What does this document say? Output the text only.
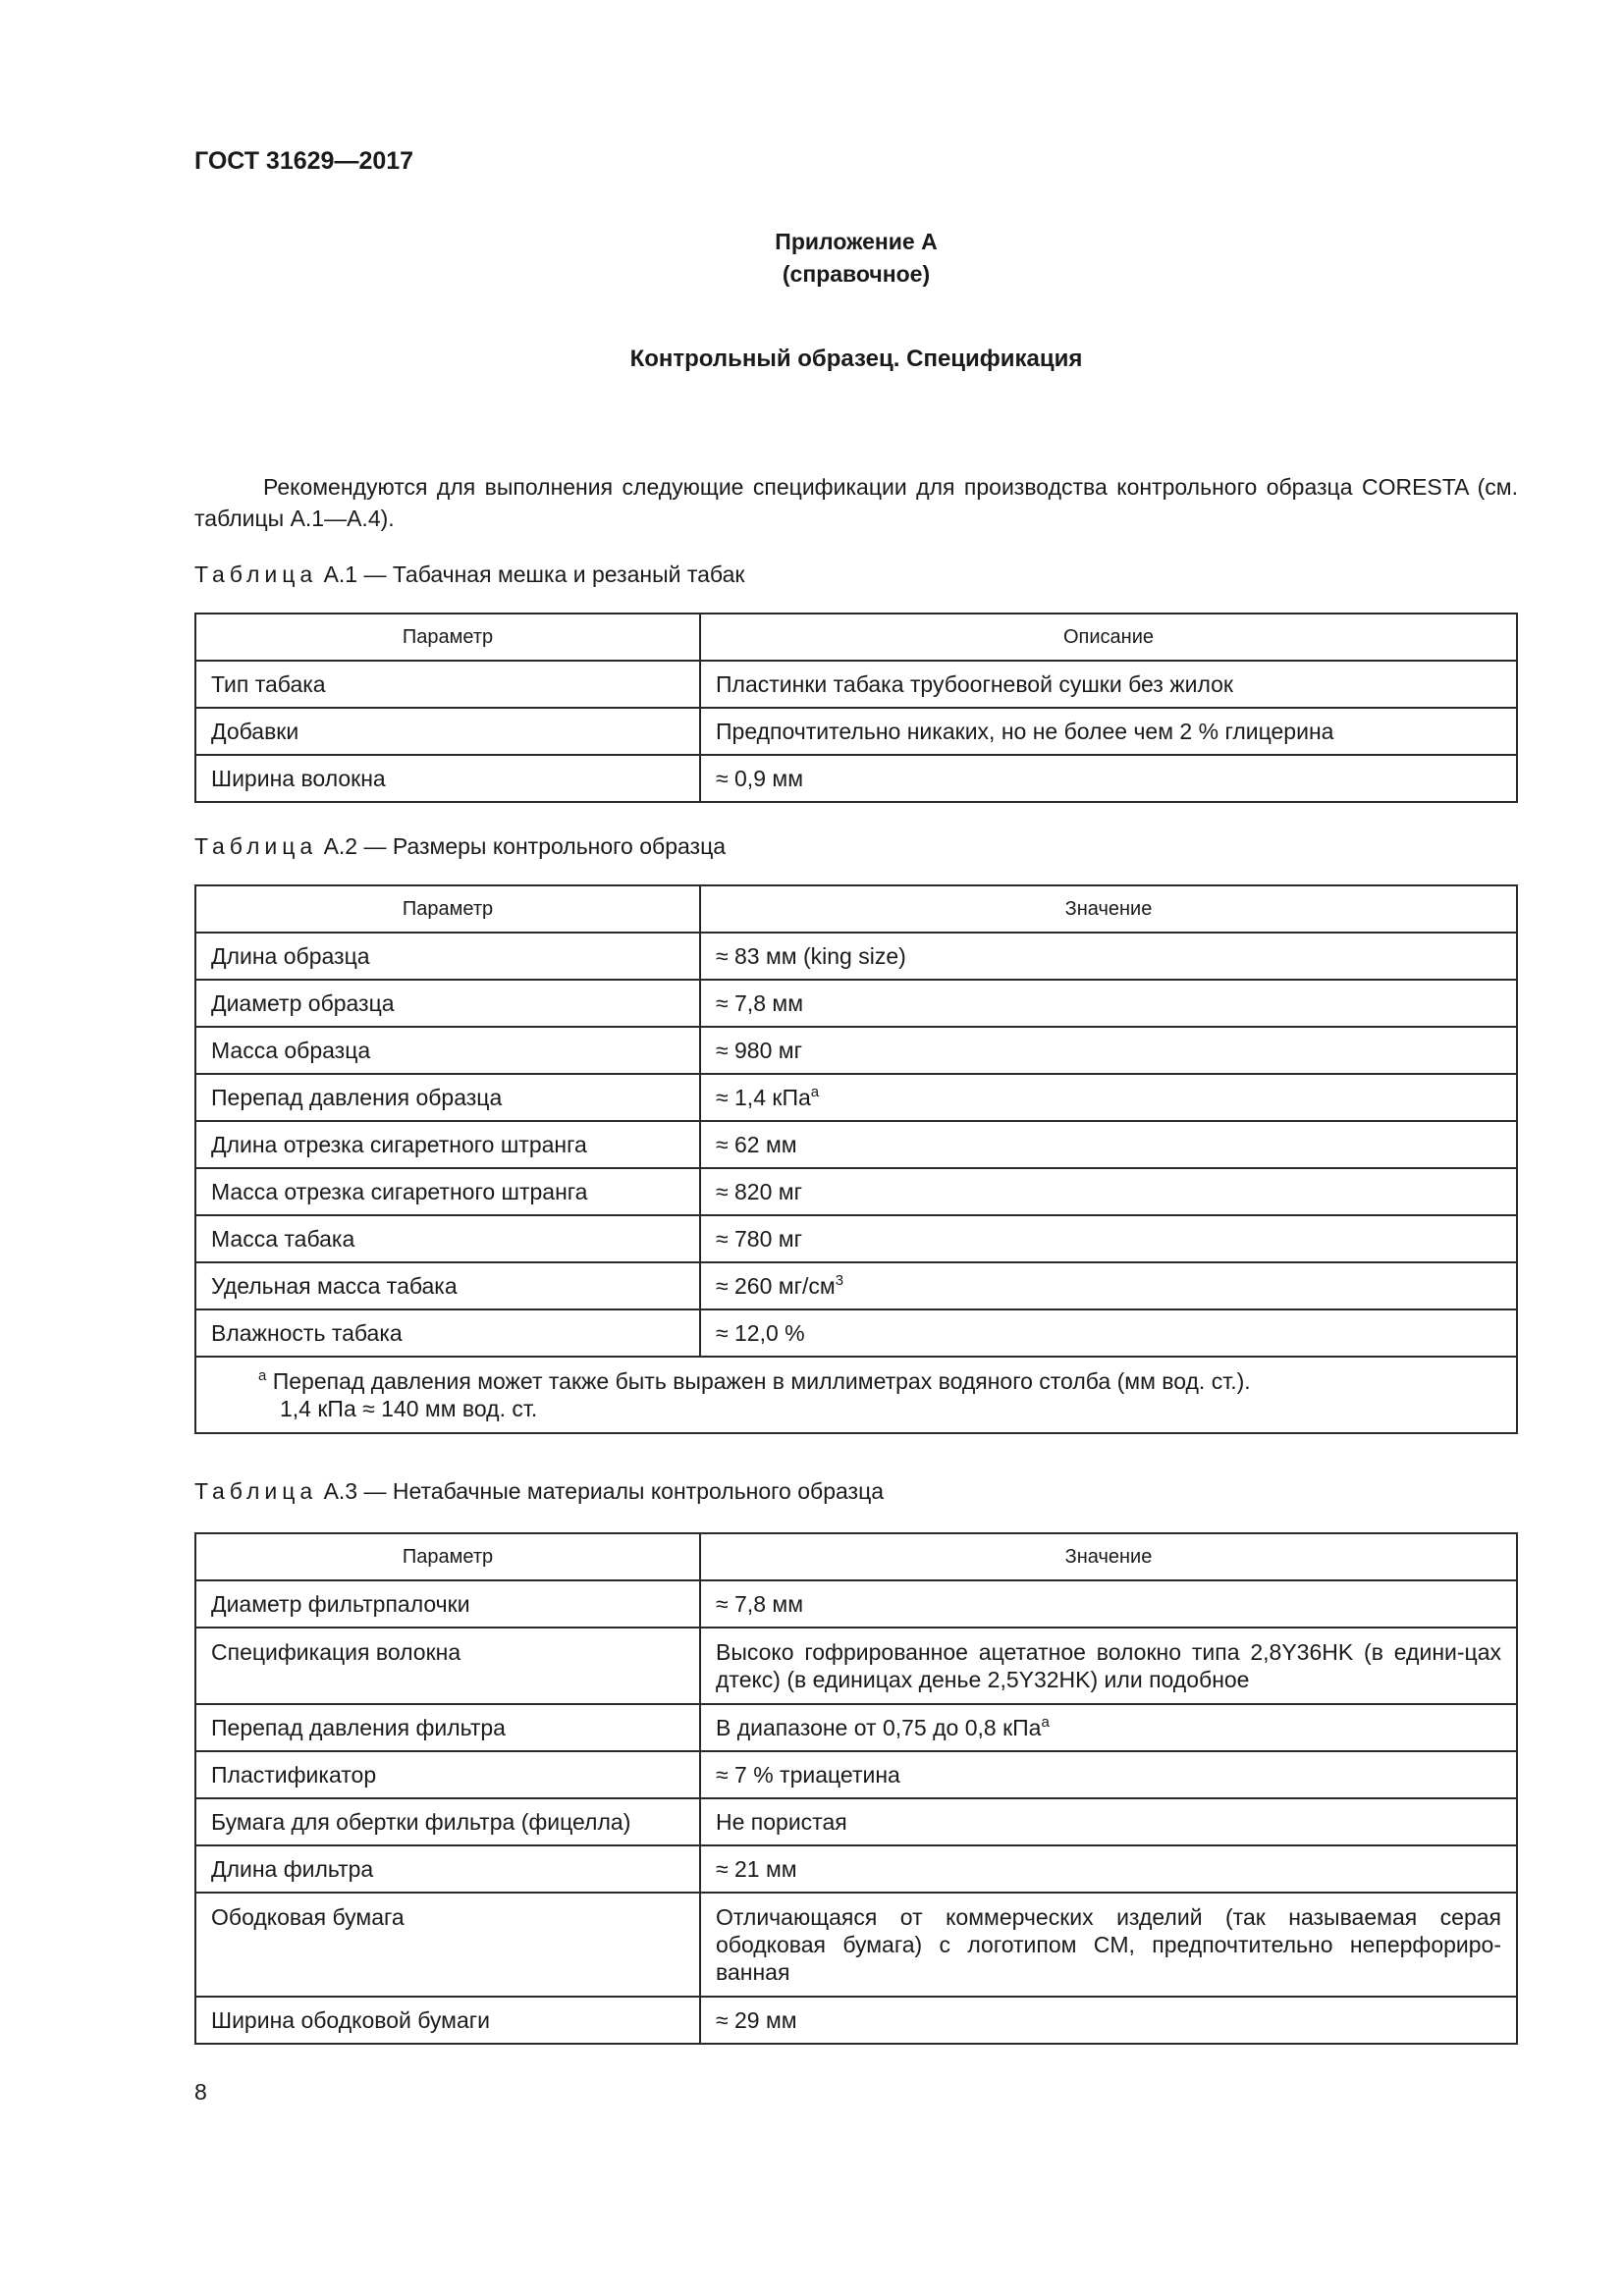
ГОСТ 31629—2017
Приложение А
(справочное)
Контрольный образец. Спецификация

Рекомендуются для выполнения следующие спецификации для производства контрольного образца CORESTA (см. таблицы А.1—А.4).

Таблица А.1 — Табачная мешка и резаный табак
Параметр	Описание
Тип табака	Пластинки табака трубоогневой сушки без жилок
Добавки	Предпочтительно никаких, но не более чем 2 % глицерина
Ширина волокна	≈ 0,9 мм
Таблица А.2 — Размеры контрольного образца
Параметр	Значение
Длина образца	≈ 83 мм (king size)
Диаметр образца	≈ 7,8 мм
Масса образца	≈ 980 мг
Перепад давления образца	≈ 1,4 кПа$^a$
Длина отрезка сигаретного штранга	≈ 62 мм
Масса отрезка сигаретного штранга	≈ 820 мг
Масса табака	≈ 780 мг
Удельная масса табака	≈ 260 $мг/см^3$
Влажность табака	≈ 12,0 %

$^a$ Перепад давления может также быть выражен в миллиметрах водяного столба (мм вод. ст.).
1,4 кПа ≈ 140 мм вод. ст.	
Таблица А.3 — Нетабачные материалы контрольного образца
Параметр	Значение
Диаметр фильтрпалочки	≈ 7,8 мм
Спецификация волокна	Высоко гофрированное ацетатное волокно типа 2,8Y36HK (в едини-цах дтекс) (в единицах денье 2,5Y32HK) или подобное
Перепад давления фильтра	В диапазоне от 0,75 до 0,8 кПа$^a$
Пластификатор	≈ 7 % триацетина
Бумага для обертки фильтра (фицелла)	Не пористая
Длина фильтра	≈ 21 мм
Ободковая бумага	Отличающаяся от коммерческих изделий (так называемая серая ободковая бумага) с логотипом CM, предпочтительно неперфориро-ванная
Ширина ободковой бумаги	≈ 29 мм
8
